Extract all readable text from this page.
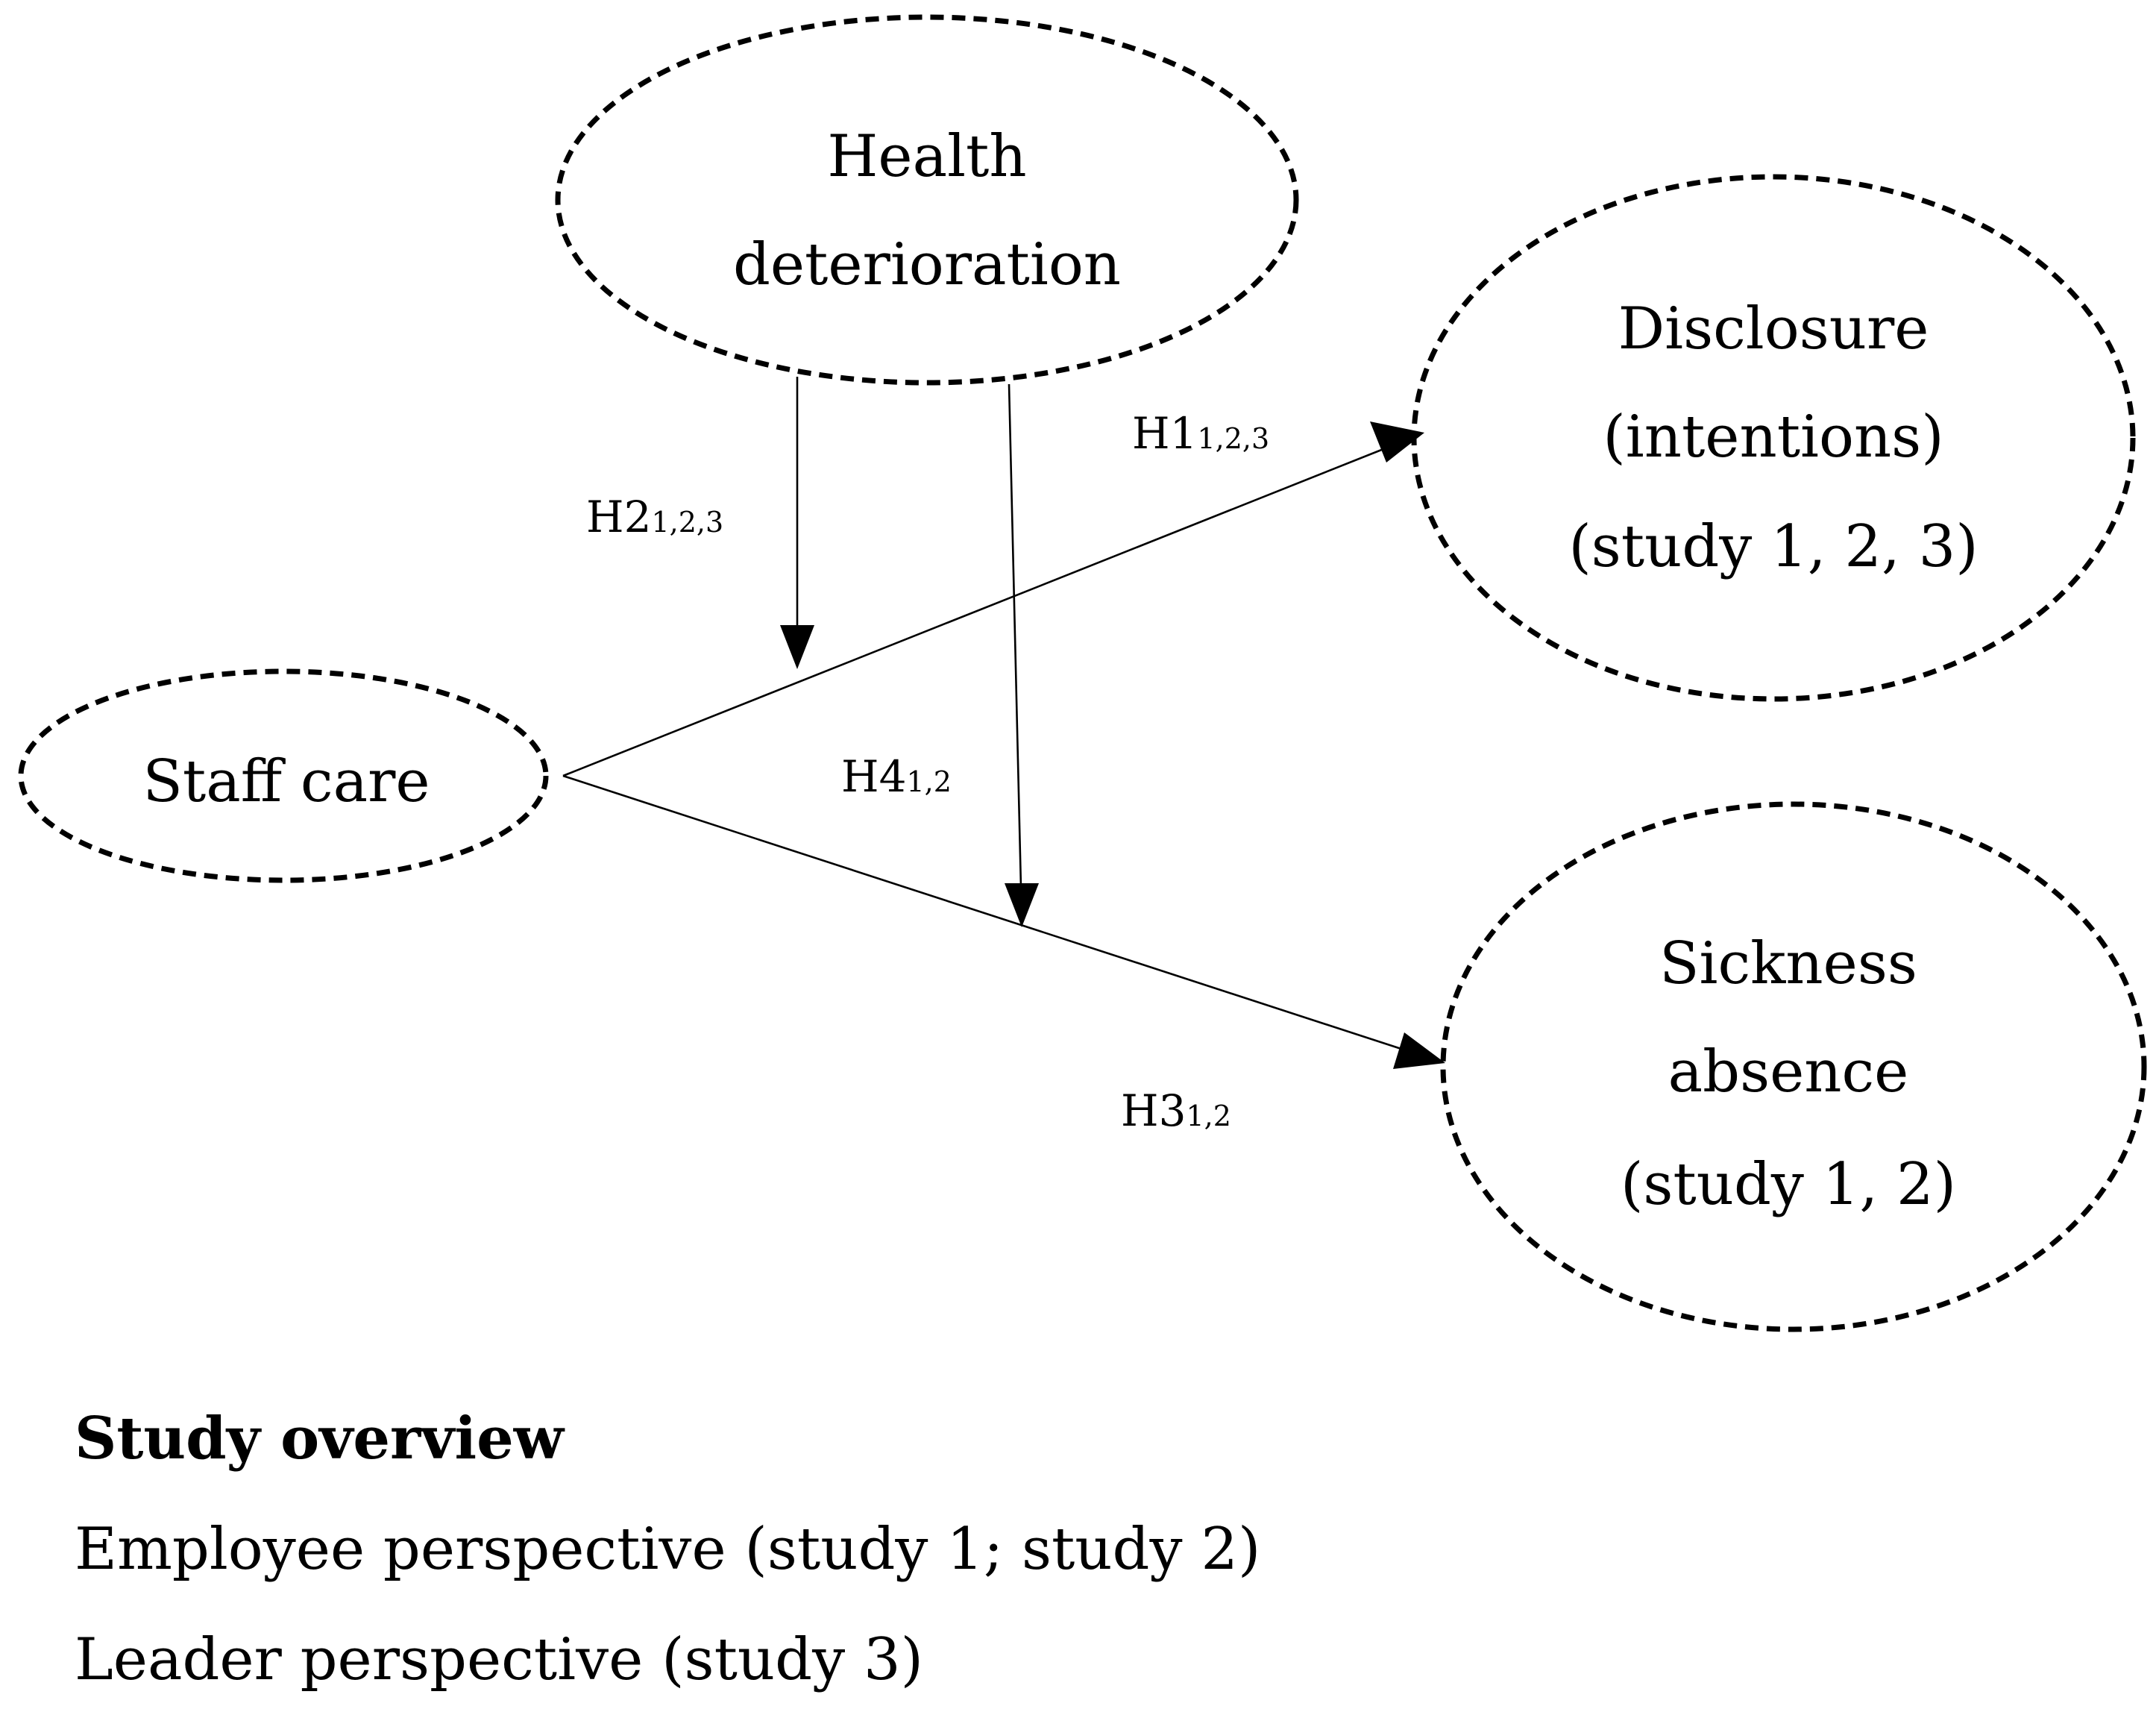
Health
deterioration
Disclosure
(intentions)
(study 1, 2, 3)
Staff care
Sickness
absence
(study 1, 2)
H11,2,3
H21,2,3
H41,2
H31,2
Study overview
Employee perspective (study 1; study 2)
Leader perspective (study 3)
